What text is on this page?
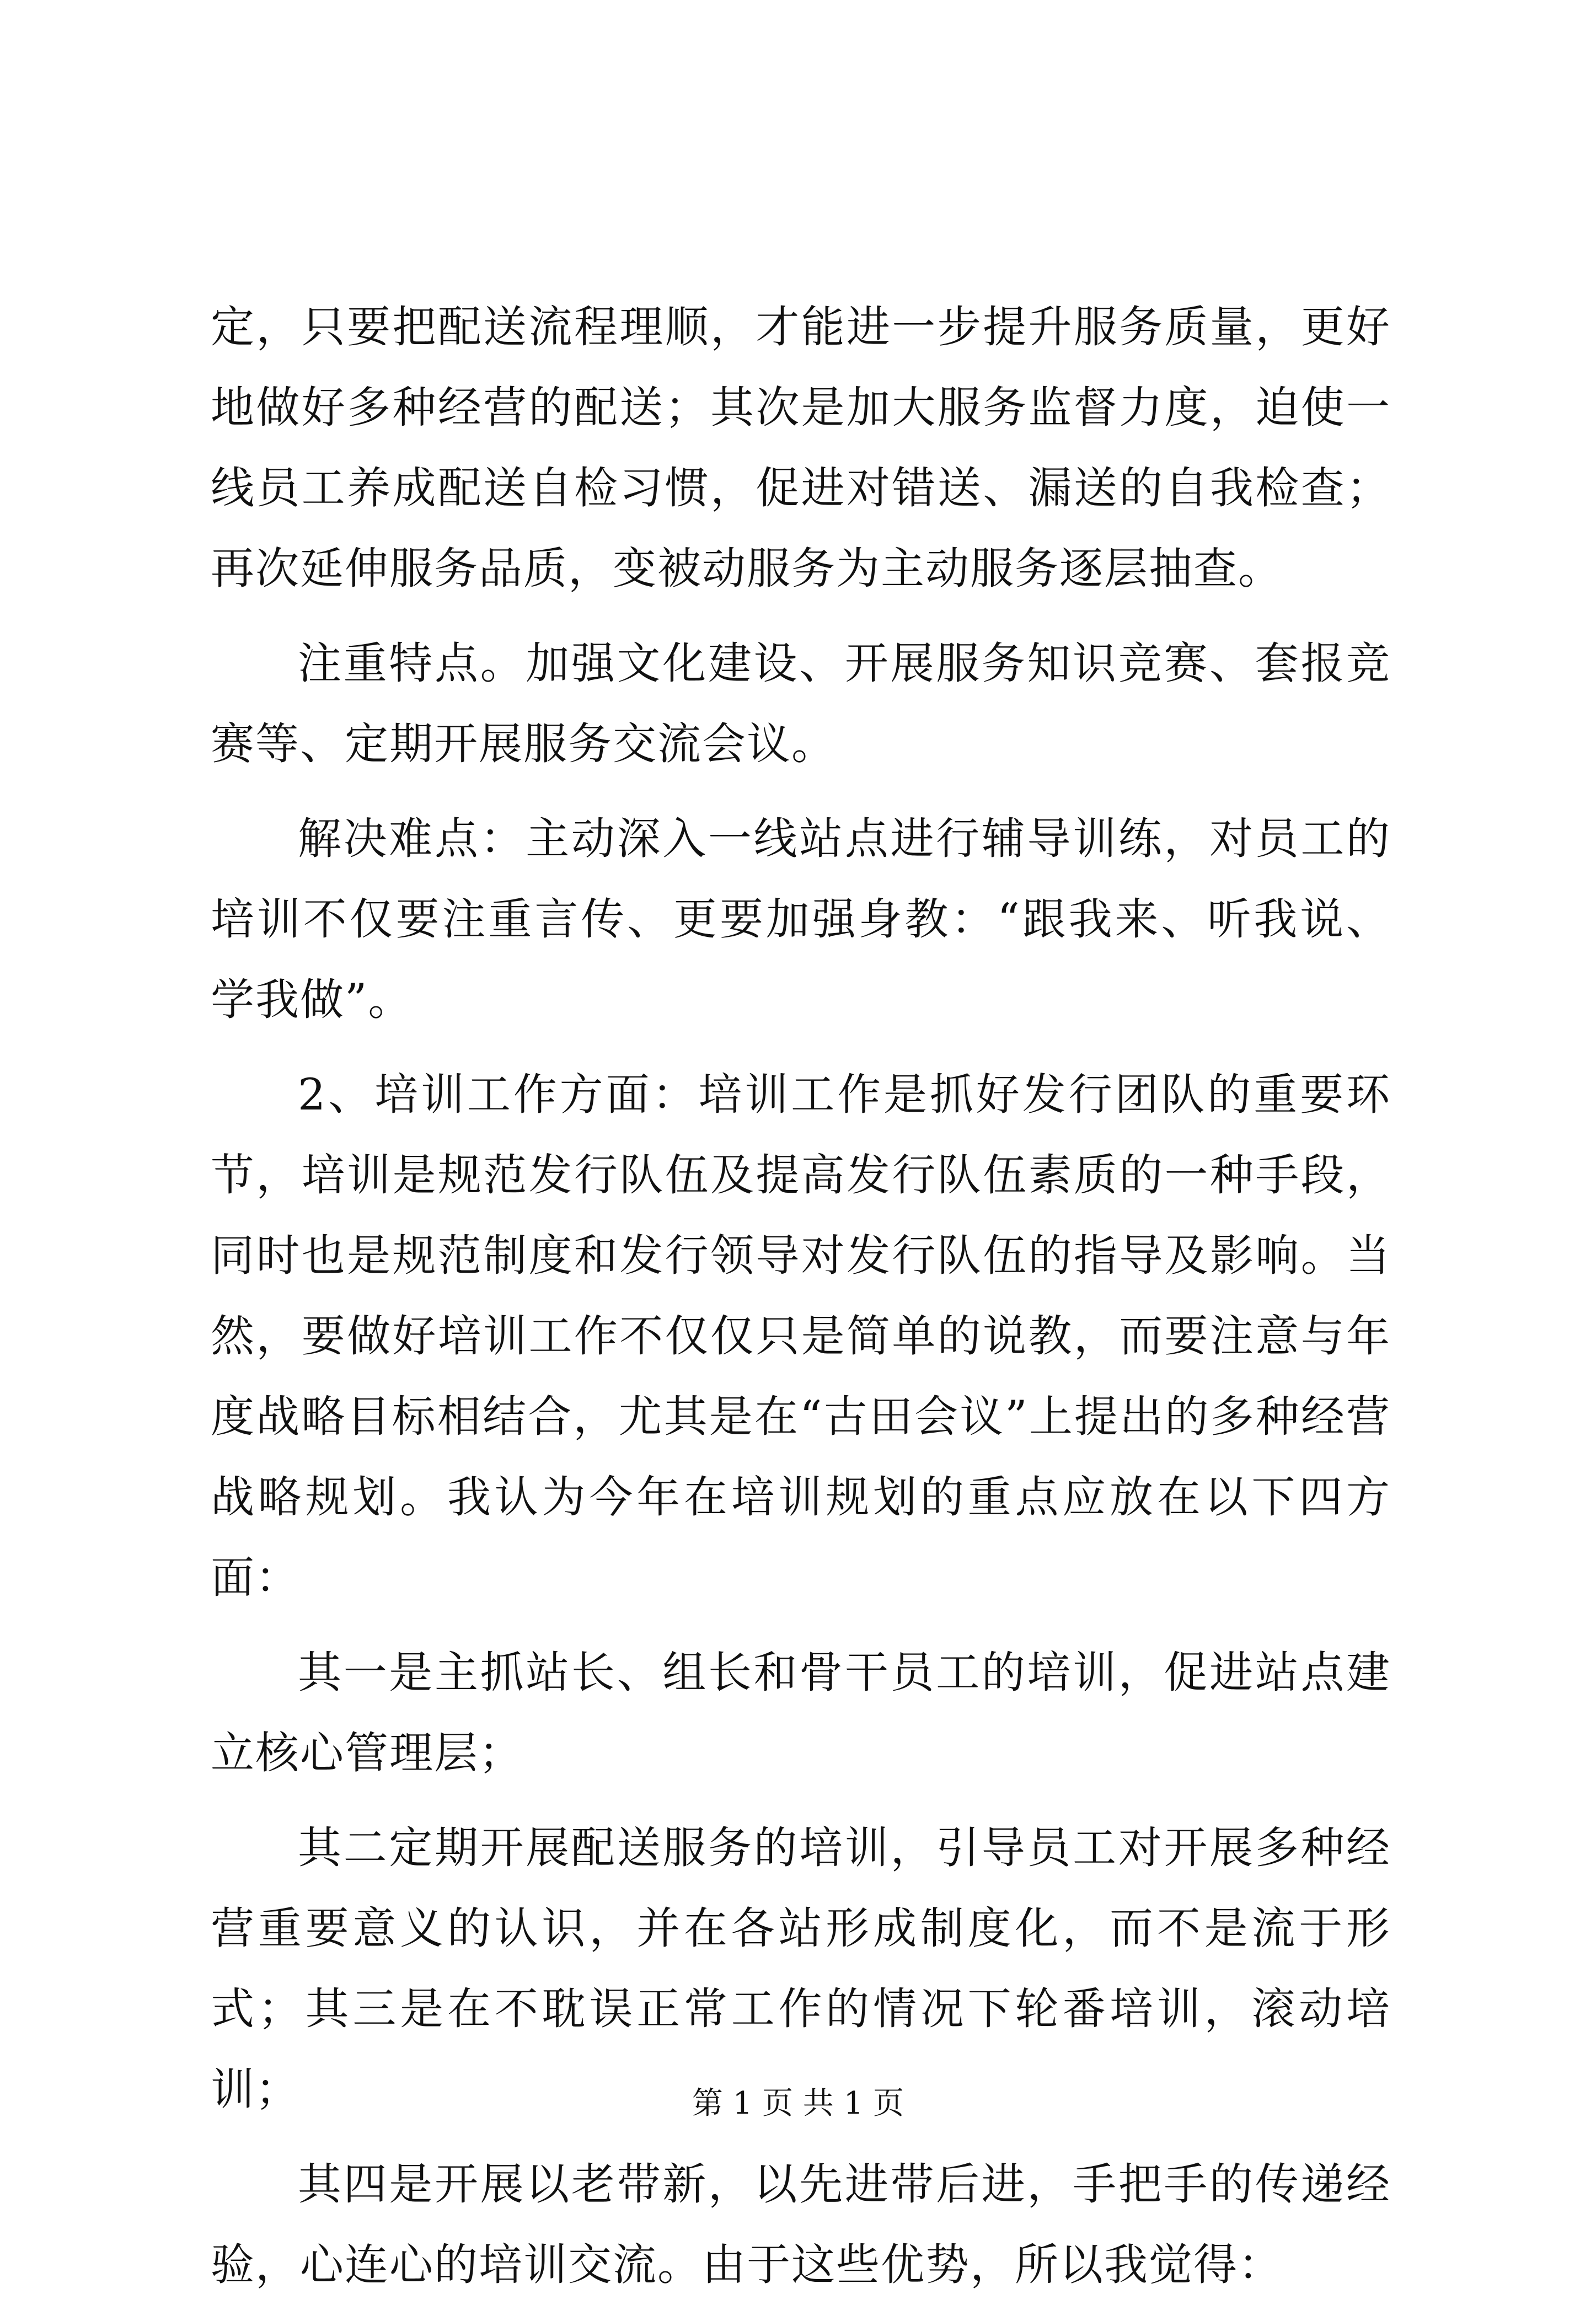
定，只要把配送流程理顺，才能进一步提升服务质量，更好地做好多种经营的配送；其次是加大服务监督力度，迫使一线员工养成配送自检习惯，促进对错送、漏送的自我检查；再次延伸服务品质，变被动服务为主动服务逐层抽查。

注重特点。加强文化建设、开展服务知识竞赛、套报竞赛等、定期开展服务交流会议。

解决难点：主动深入一线站点进行辅导训练，对员工的培训不仅要注重言传、更要加强身教：“跟我来、听我说、学我做”。

2、培训工作方面：培训工作是抓好发行团队的重要环节，培训是规范发行队伍及提高发行队伍素质的一种手段，同时也是规范制度和发行领导对发行队伍的指导及影响。当然，要做好培训工作不仅仅只是简单的说教，而要注意与年度战略目标相结合，尤其是在“古田会议”上提出的多种经营战略规划。我认为今年在培训规划的重点应放在以下四方面：

其一是主抓站长、组长和骨干员工的培训，促进站点建立核心管理层；

其二定期开展配送服务的培训，引导员工对开展多种经营重要意义的认识，并在各站形成制度化，而不是流于形式；其三是在不耽误正常工作的情况下轮番培训，滚动培训；

其四是开展以老带新，以先进带后进，手把手的传递经验，心连心的培训交流。由于这些优势，所以我觉得：

第 1 页 共 1 页
